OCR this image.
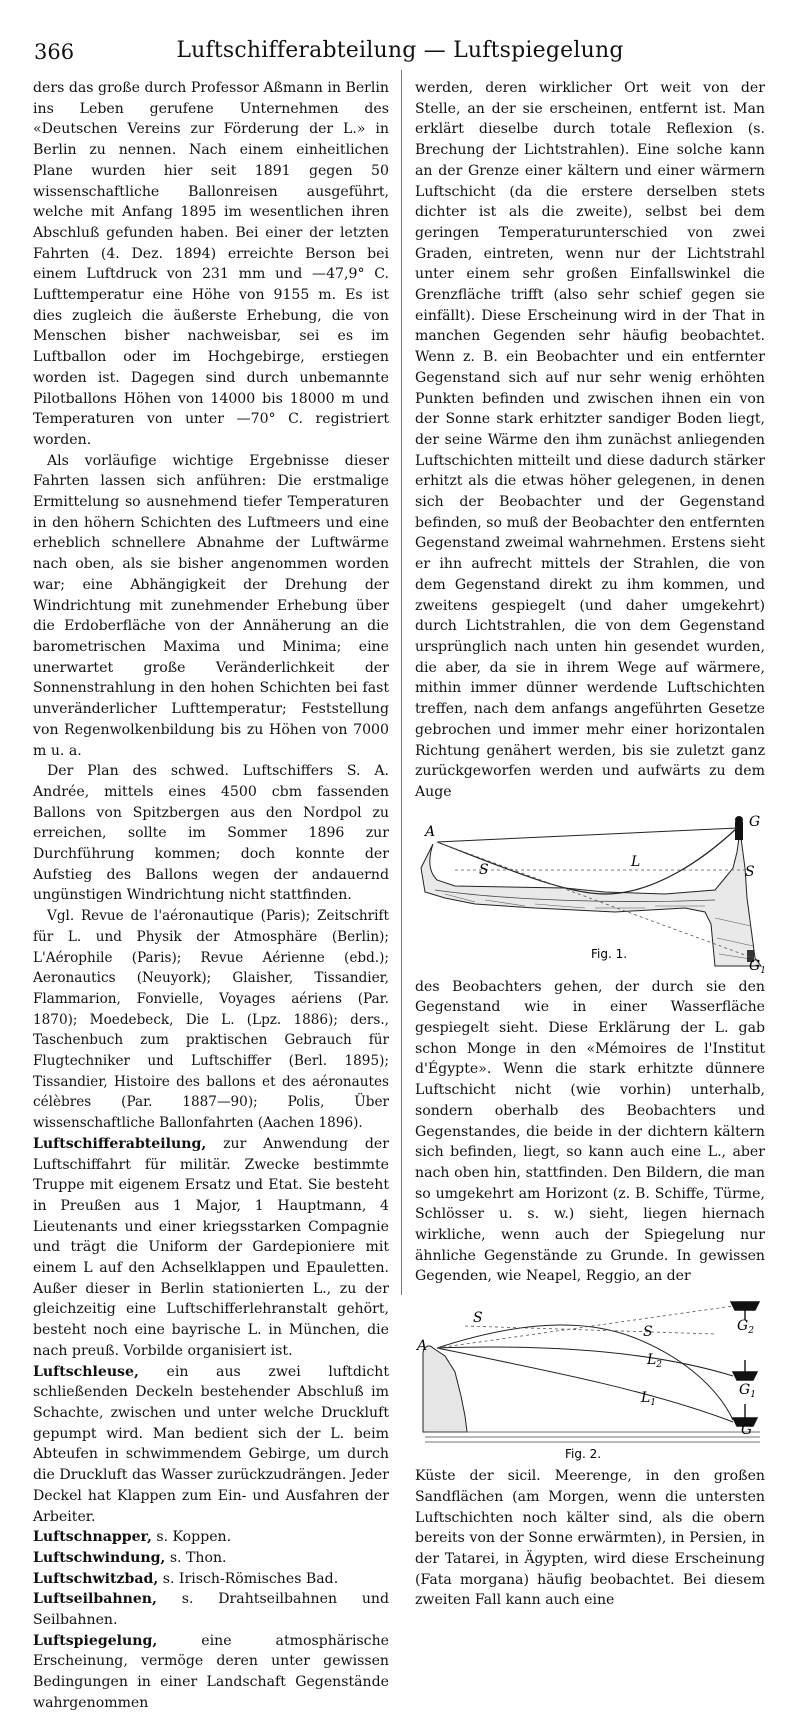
366	Luftschifferabteilung — Luftspiegelung

ders das große durch Professor Aßmann in Berlin ins Leben gerufene Unternehmen des «Deutschen Vereins zur Förderung der L.» in Berlin zu nennen. Nach einem einheitlichen Plane wurden hier seit 1891 gegen 50 wissenschaftliche Ballonreisen ausgeführt, welche mit Anfang 1895 im wesentlichen ihren Abschluß gefunden haben. Bei einer der letzten Fahrten (4. Dez. 1894) erreichte Berson bei einem Luftdruck von 231 mm und —47,9° C. Lufttemperatur eine Höhe von 9155 m. Es ist dies zugleich die äußerste Erhebung, die von Menschen bisher nachweisbar, sei es im Luftballon oder im Hochgebirge, erstiegen worden ist. Dagegen sind durch unbemannte Pilotballons Höhen von 14000 bis 18000 m und Temperaturen von unter —70° C. registriert worden.

Als vorläufige wichtige Ergebnisse dieser Fahrten lassen sich anführen: Die erstmalige Ermittelung so ausnehmend tiefer Temperaturen in den höhern Schichten des Luftmeers und eine erheblich schnellere Abnahme der Luftwärme nach oben, als sie bisher angenommen worden war; eine Abhängigkeit der Drehung der Windrichtung mit zunehmender Erhebung über die Erdoberfläche von der Annäherung an die barometrischen Maxima und Minima; eine unerwartet große Veränderlichkeit der Sonnenstrahlung in den hohen Schichten bei fast unveränderlicher Lufttemperatur; Feststellung von Regenwolkenbildung bis zu Höhen von 7000 m u. a.

Der Plan des schwed. Luftschiffers S. A. Andrée, mittels eines 4500 cbm fassenden Ballons von Spitzbergen aus den Nordpol zu erreichen, sollte im Sommer 1896 zur Durchführung kommen; doch konnte der Aufstieg des Ballons wegen der andauernd ungünstigen Windrichtung nicht stattfinden.

Vgl. Revue de l'aéronautique (Paris); Zeitschrift für L. und Physik der Atmosphäre (Berlin); L'Aérophile (Paris); Revue Aérienne (ebd.); Aeronautics (Neuyork); Glaisher, Tissandier, Flammarion, Fonvielle, Voyages aériens (Par. 1870); Moedebeck, Die L. (Lpz. 1886); ders., Taschenbuch zum praktischen Gebrauch für Flugtechniker und Luftschiffer (Berl. 1895); Tissandier, Histoire des ballons et des aéronautes célèbres (Par. 1887—90); Polis, Über wissenschaftliche Ballonfahrten (Aachen 1896).

Luftschifferabteilung, zur Anwendung der Luftschiffahrt für militär. Zwecke bestimmte Truppe mit eigenem Ersatz und Etat. Sie besteht in Preußen aus 1 Major, 1 Hauptmann, 4 Lieutenants und einer kriegsstarken Compagnie und trägt die Uniform der Gardepioniere mit einem L auf den Achselklappen und Epauletten. Außer dieser in Berlin stationierten L., zu der gleichzeitig eine Luftschifferlehranstalt gehört, besteht noch eine bayrische L. in München, die nach preuß. Vorbilde organisiert ist.

Luftschleuse, ein aus zwei luftdicht schließenden Deckeln bestehender Abschluß im Schachte, zwischen und unter welche Druckluft gepumpt wird. Man bedient sich der L. beim Abteufen in schwimmendem Gebirge, um durch die Druckluft das Wasser zurückzudrängen. Jeder Deckel hat Klappen zum Ein- und Ausfahren der Arbeiter.

Luftschnapper, s. Koppen.

Luftschwindung, s. Thon.

Luftschwitzbad, s. Irisch-Römisches Bad.

Luftseilbahnen, s. Drahtseilbahnen und Seilbahnen.

Luftspiegelung, eine atmosphärische Erscheinung, vermöge deren unter gewissen Bedingungen in einer Landschaft Gegenstände wahrgenommen

werden, deren wirklicher Ort weit von der Stelle, an der sie erscheinen, entfernt ist. Man erklärt dieselbe durch totale Reflexion (s. Brechung der Lichtstrahlen). Eine solche kann an der Grenze einer kältern und einer wärmern Luftschicht (da die erstere derselben stets dichter ist als die zweite), selbst bei dem geringen Temperaturunterschied von zwei Graden, eintreten, wenn nur der Lichtstrahl unter einem sehr großen Einfallswinkel die Grenzfläche trifft (also sehr schief gegen sie einfällt). Diese Erscheinung wird in der That in manchen Gegenden sehr häufig beobachtet. Wenn z. B. ein Beobachter und ein entfernter Gegenstand sich auf nur sehr wenig erhöhten Punkten befinden und zwischen ihnen ein von der Sonne stark erhitzter sandiger Boden liegt, der seine Wärme den ihm zunächst anliegenden Luftschichten mitteilt und diese dadurch stärker erhitzt als die etwas höher gelegenen, in denen sich der Beobachter und der Gegenstand befinden, so muß der Beobachter den entfernten Gegenstand zweimal wahrnehmen. Erstens sieht er ihn aufrecht mittels der Strahlen, die von dem Gegenstand direkt zu ihm kommen, und zweitens gespiegelt (und daher umgekehrt) durch Lichtstrahlen, die von dem Gegenstand ursprünglich nach unten hin gesendet wurden, die aber, da sie in ihrem Wege auf wärmere, mithin immer dünner werdende Luftschichten treffen, nach dem anfangs angeführten Gesetze gebrochen und immer mehr einer horizontalen Richtung genähert werden, bis sie zuletzt ganz zurückgeworfen werden und aufwärts zu dem Auge

A
G
L
S	S
$G_1$
Fig. 1.

des Beobachters gehen, der durch sie den Gegenstand wie in einer Wasserfläche gespiegelt sieht. Diese Erklärung der L. gab schon Monge in den «Mémoires de l'Institut d'Égypte». Wenn die stark erhitzte dünnere Luftschicht nicht (wie vorhin) unterhalb, sondern oberhalb des Beobachters und Gegenstandes, die beide in der dichtern kältern sich befinden, liegt, so kann auch eine L., aber nach oben hin, stattfinden. Den Bildern, die man so umgekehrt am Horizont (z. B. Schiffe, Türme, Schlösser u. s. w.) sieht, liegen hiernach wirkliche, wenn auch der Spiegelung nur ähnliche Gegenstände zu Grunde. In gewissen Gegenden, wie Neapel, Reggio, an der

A
S
S
$L_2$
$L_1$
$G_2$
$G_1$
G
Fig. 2.

Küste der sicil. Meerenge, in den großen Sandflächen (am Morgen, wenn die untersten Luftschichten noch kälter sind, als die obern bereits von der Sonne erwärmten), in Persien, in der Tatarei, in Ägypten, wird diese Erscheinung (Fata morgana) häufig beobachtet. Bei diesem zweiten Fall kann auch eine
